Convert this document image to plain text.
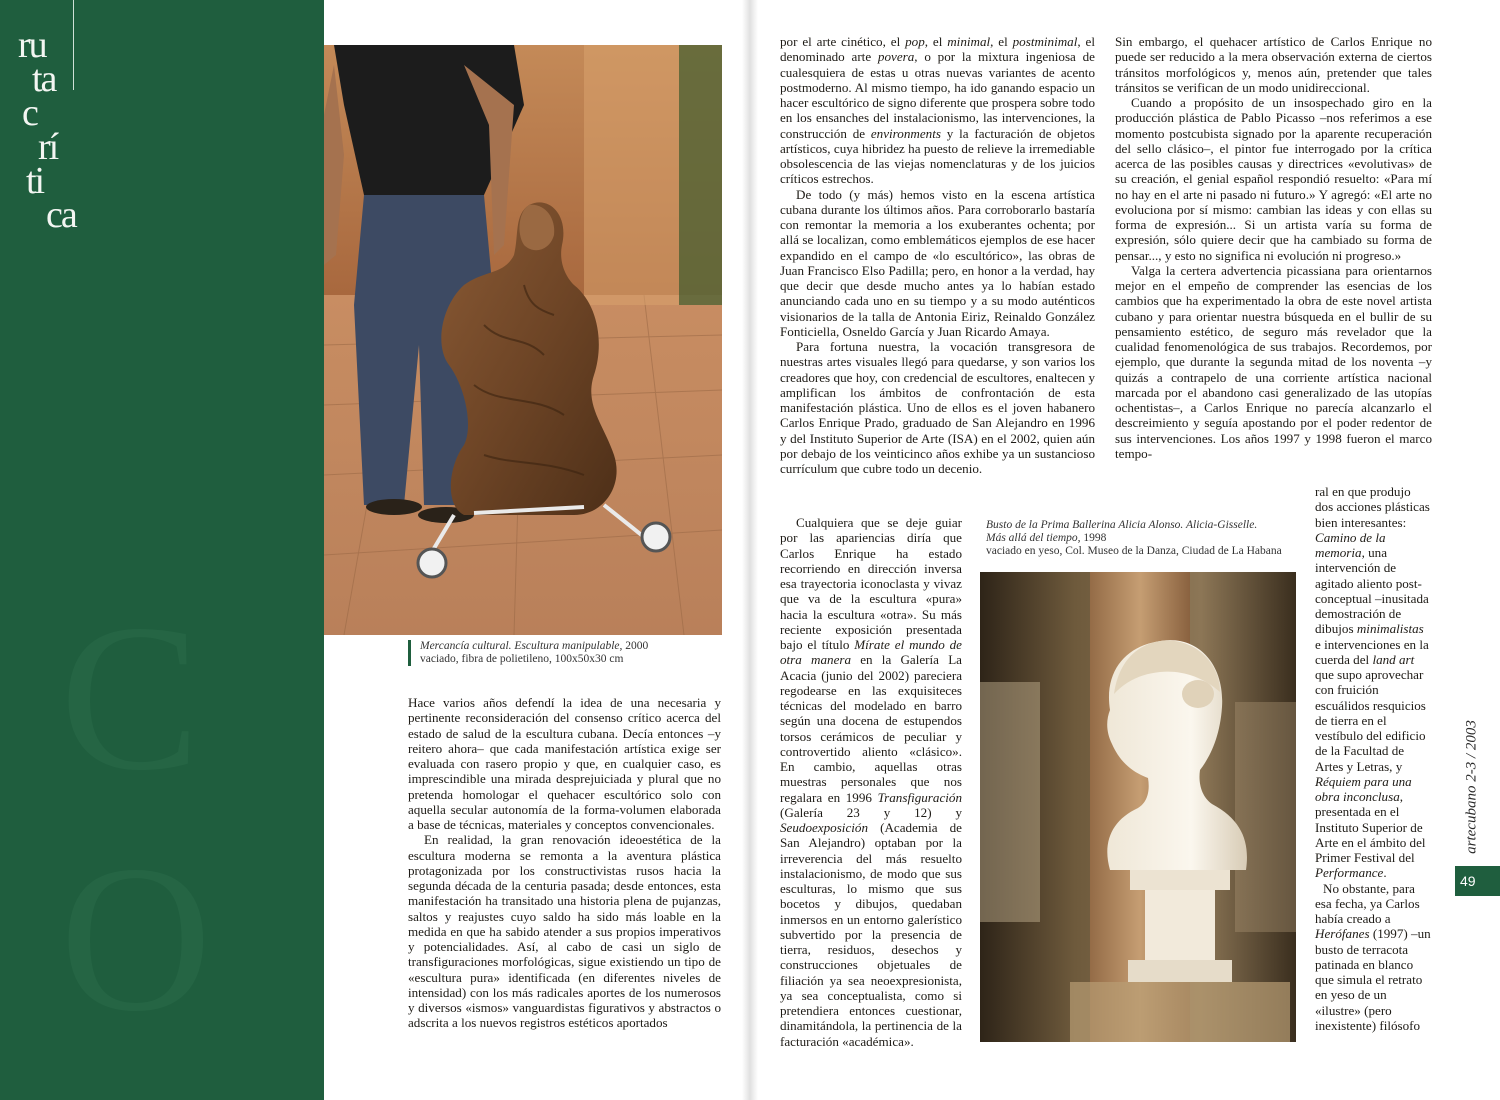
C O
ru
ta
c
rí
ti
ca
Mercancía cultural. Escultura manipulable, 2000
vaciado, fibra de polietileno, 100x50x30 cm

Hace varios años defendí la idea de una necesaria y pertinente reconsideración del consenso crítico acerca del estado de salud de la escultura cubana. Decía entonces –y reitero ahora– que cada manifestación artística exige ser evaluada con rasero propio y que, en cualquier caso, es imprescindible una mirada desprejuiciada y plural que no pretenda homologar el quehacer escultórico solo con aquella secular autonomía de la forma-volumen elaborada a base de técnicas, materiales y conceptos convencionales.

En realidad, la gran renovación ideoestética de la escultura moderna se remonta a la aventura plástica protagonizada por los constructivistas rusos hacia la segunda década de la centuria pasada; desde entonces, esta manifestación ha transitado una historia plena de pujanzas, saltos y reajustes cuyo saldo ha sido más loable en la medida en que ha sabido atender a sus propios imperativos y potencialidades. Así, al cabo de casi un siglo de transfiguraciones morfológicas, sigue existiendo un tipo de «escultura pura» identificada (en diferentes niveles de intensidad) con los más radicales aportes de los numerosos y diversos «ismos» vanguardistas figurativos y abstractos o adscrita a los nuevos registros estéticos aportados

por el arte cinético, el pop, el minimal, el postminimal, el denominado arte povera, o por la mixtura ingeniosa de cualesquiera de estas u otras nuevas variantes de acento postmoderno. Al mismo tiempo, ha ido ganando espacio un hacer escultórico de signo diferente que prospera sobre todo en los ensanches del instalacionismo, las intervenciones, la construcción de environments y la facturación de objetos artísticos, cuya hibridez ha puesto de relieve la irremediable obsolescencia de las viejas nomenclaturas y de los juicios críticos estrechos.

De todo (y más) hemos visto en la escena artística cubana durante los últimos años. Para corroborarlo bastaría con remontar la memoria a los exuberantes ochenta; por allá se localizan, como emblemáticos ejemplos de ese hacer expandido en el campo de «lo escultórico», las obras de Juan Francisco Elso Padilla; pero, en honor a la verdad, hay que decir que desde mucho antes ya lo habían estado anunciando cada uno en su tiempo y a su modo auténticos visionarios de la talla de Antonia Eiriz, Reinaldo González Fonticiella, Osneldo García y Juan Ricardo Amaya.

Para fortuna nuestra, la vocación transgresora de nuestras artes visuales llegó para quedarse, y son varios los creadores que hoy, con credencial de escultores, enaltecen y amplifican los ámbitos de confrontación de esta manifestación plástica. Uno de ellos es el joven habanero Carlos Enrique Prado, graduado de San Alejandro en 1996 y del Instituto Superior de Arte (ISA) en el 2002, quien aún por debajo de los veinticinco años exhibe ya un sustancioso currículum que cubre todo un decenio.

Cualquiera que se deje guiar por las apariencias diría que Carlos Enrique ha estado recorriendo en dirección inversa esa trayectoria iconoclasta y vivaz que va de la escultura «pura» hacia la escultura «otra». Su más reciente exposición presentada bajo el título Mírate el mundo de otra manera en la Galería La Acacia (junio del 2002) pareciera regodearse en las exquisiteces técnicas del modelado en barro según una docena de estupendos torsos cerámicos de peculiar y controvertido aliento «clásico». En cambio, aquellas otras muestras personales que nos regalara en 1996 Transfiguración (Galería 23 y 12) y Seudoexposición (Academia de San Alejandro) optaban por la irreverencia del más resuelto instalacionismo, de modo que sus esculturas, lo mismo que sus bocetos y dibujos, quedaban inmersos en un entorno galerístico subvertido por la presencia de tierra, residuos, desechos y construcciones objetuales de filiación ya sea neoexpresionista, ya sea conceptualista, como si pretendiera entonces cuestionar, dinamitándola, la pertinencia de la facturación «académica».

Busto de la Prima Ballerina Alicia Alonso. Alicia-Gisselle.
Más allá del tiempo, 1998
vaciado en yeso, Col. Museo de la Danza, Ciudad de La Habana

Sin embargo, el quehacer artístico de Carlos Enrique no puede ser reducido a la mera observación externa de ciertos tránsitos morfológicos y, menos aún, pretender que tales tránsitos se verifican de un modo unidireccional.

Cuando a propósito de un insospechado giro en la producción plástica de Pablo Picasso –nos referimos a ese momento postcubista signado por la aparente recuperación del sello clásico–, el pintor fue interrogado por la crítica acerca de las posibles causas y directrices «evolutivas» de su creación, el genial español respondió resuelto: «Para mí no hay en el arte ni pasado ni futuro.» Y agregó: «El arte no evoluciona por sí mismo: cambian las ideas y con ellas su forma de expresión... Si un artista varía su forma de expresión, sólo quiere decir que ha cambiado su forma de pensar..., y esto no significa ni evolución ni progreso.»

Valga la certera advertencia picassiana para orientarnos mejor en el empeño de comprender las esencias de los cambios que ha experimentado la obra de este novel artista cubano y para orientar nuestra búsqueda en el bullir de su pensamiento estético, de seguro más revelador que la cualidad fenomenológica de sus trabajos. Recordemos, por ejemplo, que durante la segunda mitad de los noventa –y quizás a contrapelo de una corriente artística nacional marcada por el abandono casi generalizado de las utopías ochentistas–, a Carlos Enrique no parecía alcanzarlo el descreimiento y seguía apostando por el poder redentor de sus intervenciones. Los años 1997 y 1998 fueron el marco tempo-

ral en que produjo dos acciones plásticas bien interesantes: Camino de la memoria, una intervención de agitado aliento post-conceptual –inusitada demostración de dibujos minimalistas e intervenciones en la cuerda del land art que supo aprovechar con fruición escuálidos resquicios de tierra en el vestíbulo del edificio de la Facultad de Artes y Letras, y Réquiem para una obra inconclusa, presentada en el Instituto Superior de Arte en el ámbito del Primer Festival del Performance.

No obstante, para esa fecha, ya Carlos había creado a Herófanes (1997) –un busto de terracota patinada en blanco que simula el retrato en yeso de un «ilustre» (pero inexistente) filósofo

artecubano 2-3 / 2003
49
